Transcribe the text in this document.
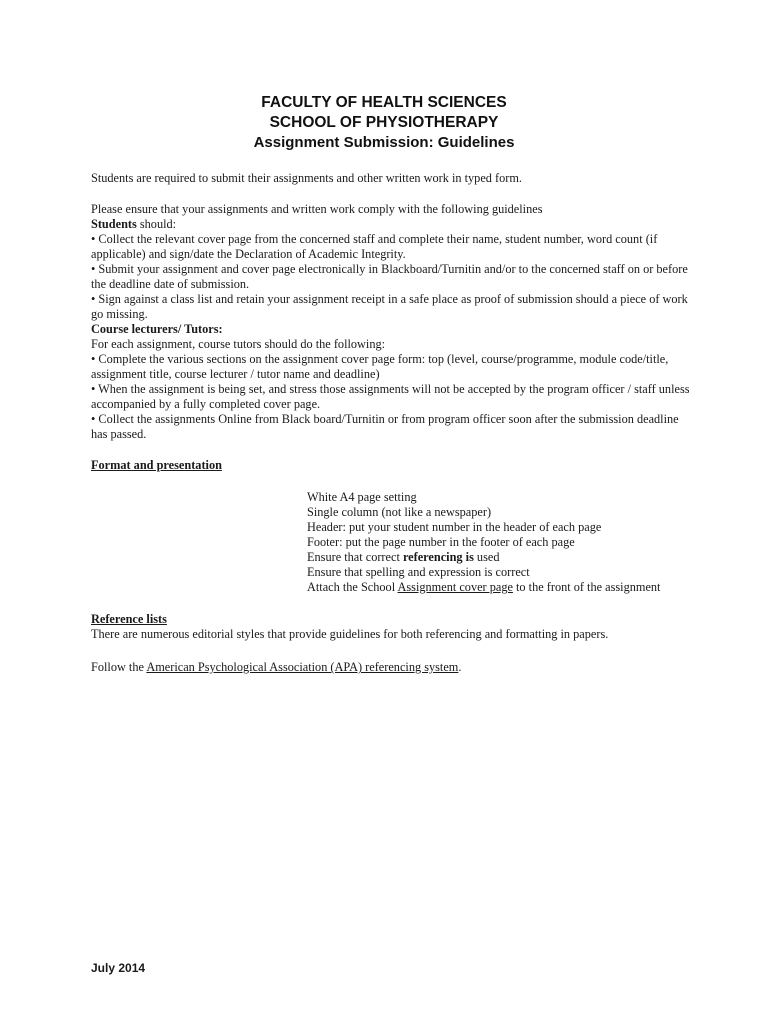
FACULTY OF HEALTH SCIENCES
SCHOOL OF PHYSIOTHERAPY
Assignment Submission: Guidelines

Students are required to submit their assignments and other written work in typed form.

Please ensure that your assignments and written work comply with the following guidelines

Students should:

• Collect the relevant cover page from the concerned staff and complete their name, student number, word count (if applicable) and sign/date the Declaration of Academic Integrity.

• Submit your assignment and cover page electronically in Blackboard/Turnitin and/or to the concerned staff on or before the deadline date of submission.

• Sign against a class list and retain your assignment receipt in a safe place as proof of submission should a piece of work go missing.

Course lecturers/ Tutors:

For each assignment, course tutors should do the following:

• Complete the various sections on the assignment cover page form: top (level, course/programme, module code/title, assignment title, course lecturer / tutor name and deadline)

• When the assignment is being set, and stress those assignments will not be accepted by the program officer / staff unless accompanied by a fully completed cover page.

• Collect the assignments Online from Black board/Turnitin or from program officer soon after the submission deadline has passed.

Format and presentation
White A4 page setting
Single column (not like a newspaper)
Header: put your student number in the header of each page
Footer: put the page number in the footer of each page
Ensure that correct referencing is used
Ensure that spelling and expression is correct
Attach the School Assignment cover page to the front of the assignment
Reference lists
There are numerous editorial styles that provide guidelines for both referencing and formatting in papers.
Follow the American Psychological Association (APA) referencing system.
July 2014
